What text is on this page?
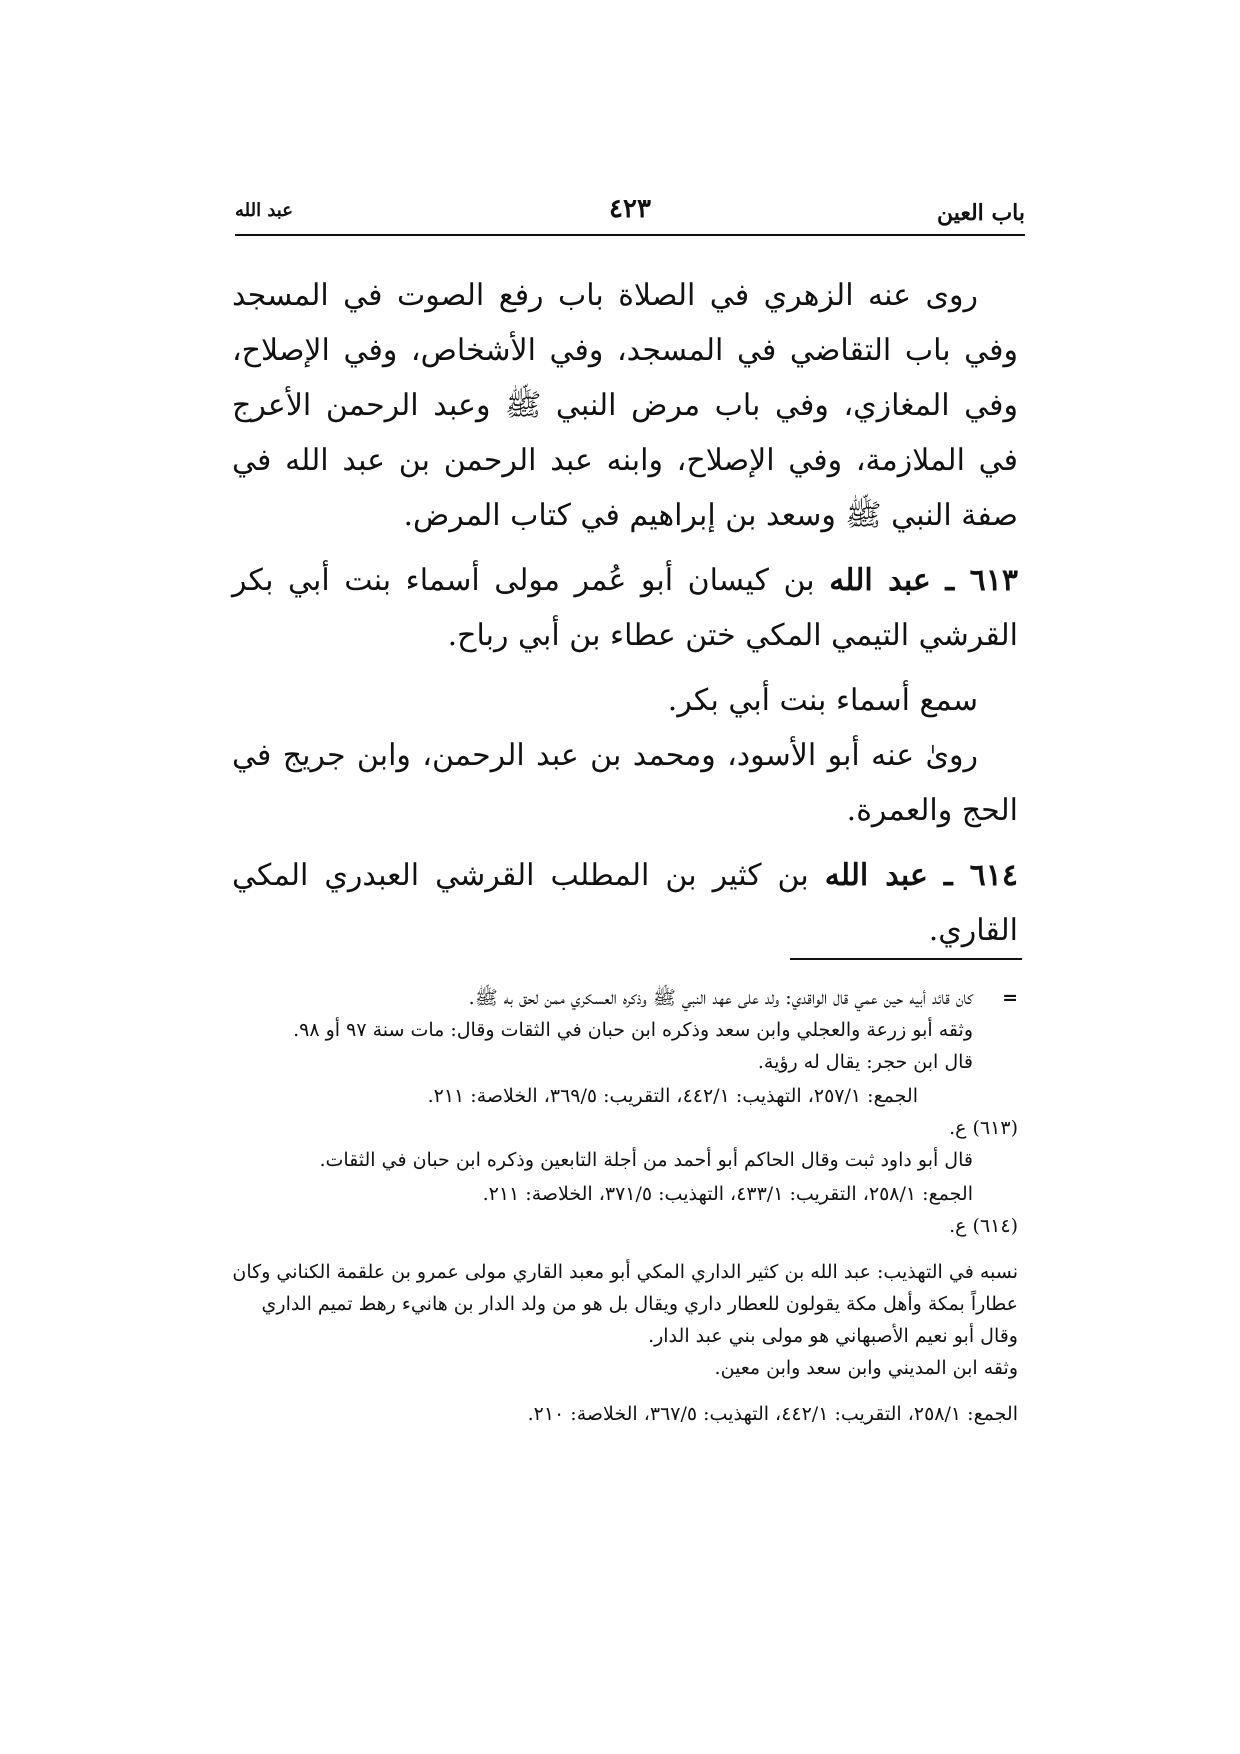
باب العين
٤٢٣
عبد الله

روى عنه الزهري في الصلاة باب رفع الصوت في المسجد وفي باب التقاضي في المسجد، وفي الأشخاص، وفي الإصلاح، وفي المغازي، وفي باب مرض النبي ﷺ وعبد الرحمن الأعرج في الملازمة، وفي الإصلاح، وابنه عبد الرحمن بن عبد الله في صفة النبي ﷺ وسعد بن إبراهيم في كتاب المرض.

٦١٣ ـ عبد الله بن كيسان أبو عُمر مولى أسماء بنت أبي بكر القرشي التيمي المكي ختن عطاء بن أبي رباح.

سمع أسماء بنت أبي بكر.

روىٰ عنه أبو الأسود، ومحمد بن عبد الرحمن، وابن جريج في الحج والعمرة.

٦١٤ ـ عبد الله بن كثير بن المطلب القرشي العبدري المكي القاري.

=
كان قائد أبيه حين عمي قال الواقدي: ولد على عهد النبي ﷺ وذكره العسكري ممن لحق به ﷺ.

وثقه أبو زرعة والعجلي وابن سعد وذكره ابن حبان في الثقات وقال: مات سنة ٩٧ أو ٩٨.

قال ابن حجر: يقال له رؤية.

الجمع: ٢٥٧/١، التهذيب: ٤٤٢/١، التقريب: ٣٦٩/٥، الخلاصة: ٢١١.

(٦١٣) ع.

قال أبو داود ثبت وقال الحاكم أبو أحمد من أجلة التابعين وذكره ابن حبان في الثقات.

الجمع: ٢٥٨/١، التقريب: ٤٣٣/١، التهذيب: ٣٧١/٥، الخلاصة: ٢١١.

(٦١٤) ع.

نسبه في التهذيب: عبد الله بن كثير الداري المكي أبو معبد القاري مولى عمرو بن علقمة الكناني وكان عطاراً بمكة وأهل مكة يقولون للعطار داري ويقال بل هو من ولد الدار بن هانيء رهط تميم الداري وقال أبو نعيم الأصبهاني هو مولى بني عبد الدار.

وثقه ابن المديني وابن سعد وابن معين.

الجمع: ٢٥٨/١، التقريب: ٤٤٢/١، التهذيب: ٣٦٧/٥، الخلاصة: ٢١٠.
